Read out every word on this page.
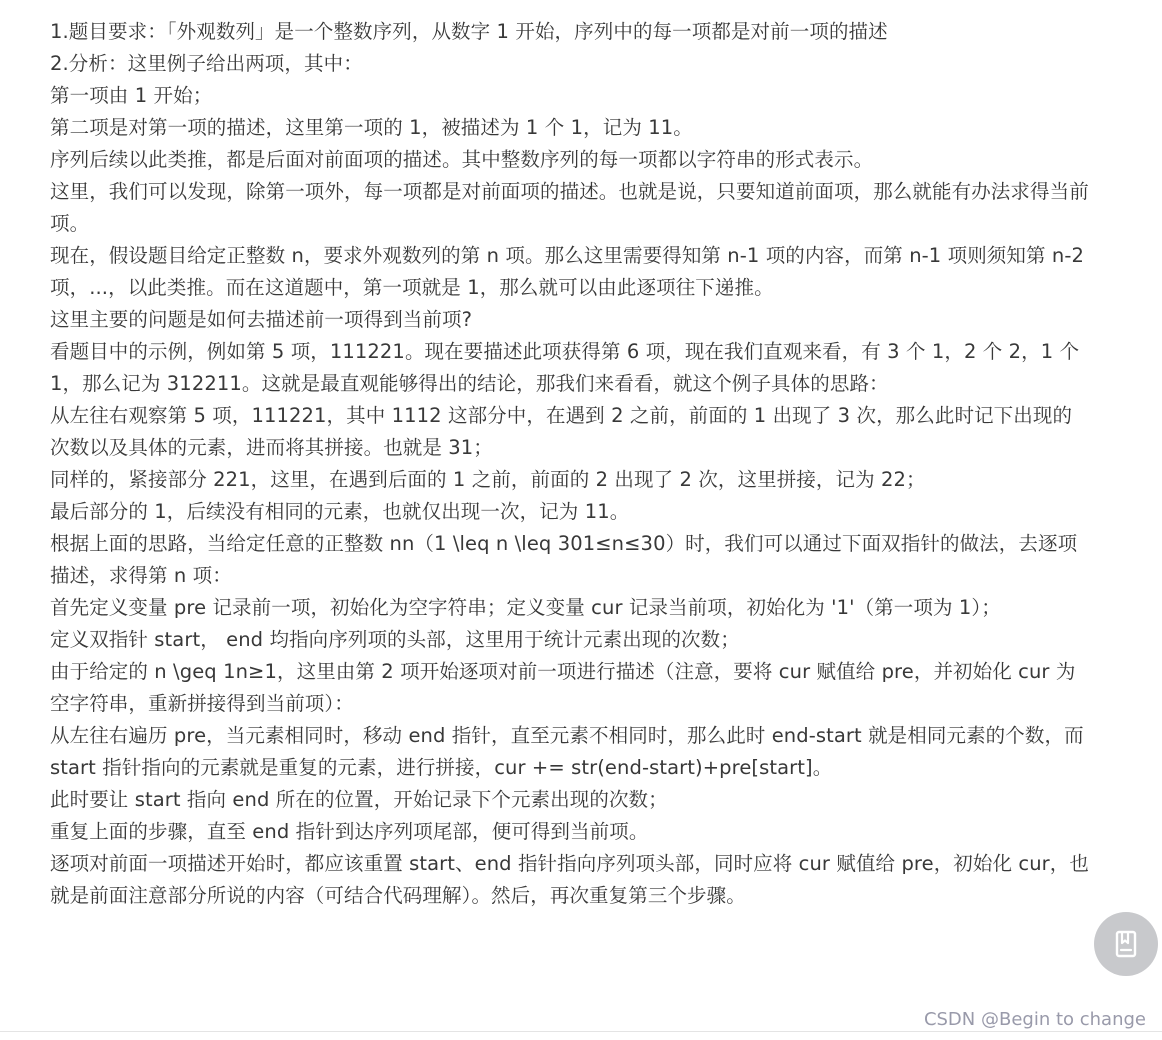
1.题目要求：「外观数列」是一个整数序列，从数字 1 开始，序列中的每一项都是对前一项的描述

2.分析：这里例子给出两项，其中：

第一项由 1 开始；

第二项是对第一项的描述，这里第一项的 1，被描述为 1 个 1，记为 11。

序列后续以此类推，都是后面对前面项的描述。其中整数序列的每一项都以字符串的形式表示。

这里，我们可以发现，除第一项外，每一项都是对前面项的描述。也就是说，只要知道前面项，那么就能有办法求得当前项。

现在，假设题目给定正整数 n，要求外观数列的第 n 项。那么这里需要得知第 n-1 项的内容，而第 n-1 项则须知第 n-2 项，...，以此类推。而在这道题中，第一项就是 1，那么就可以由此逐项往下递推。

这里主要的问题是如何去描述前一项得到当前项?

看题目中的示例，例如第 5 项，111221。现在要描述此项获得第 6 项，现在我们直观来看，有 3 个 1，2 个 2，1 个 1，那么记为 312211。这就是最直观能够得出的结论，那我们来看看，就这个例子具体的思路：

从左往右观察第 5 项，111221，其中 1112 这部分中，在遇到 2 之前，前面的 1 出现了 3 次，那么此时记下出现的次数以及具体的元素，进而将其拼接。也就是 31；

同样的，紧接部分 221，这里，在遇到后面的 1 之前，前面的 2 出现了 2 次，这里拼接，记为 22；

最后部分的 1，后续没有相同的元素，也就仅出现一次，记为 11。

根据上面的思路，当给定任意的正整数 nn（1 \leq n \leq 301≤n≤30）时，我们可以通过下面双指针的做法，去逐项描述，求得第 n 项：

首先定义变量 pre 记录前一项，初始化为空字符串；定义变量 cur 记录当前项，初始化为 '1'（第一项为 1）；

定义双指针 start， end 均指向序列项的头部，这里用于统计元素出现的次数；

由于给定的 n \geq 1n≥1，这里由第 2 项开始逐项对前一项进行描述（注意，要将 cur 赋值给 pre，并初始化 cur 为空字符串，重新拼接得到当前项）：

从左往右遍历 pre，当元素相同时，移动 end 指针，直至元素不相同时，那么此时 end-start 就是相同元素的个数，而 start 指针指向的元素就是重复的元素，进行拼接，cur += str(end-start)+pre[start]。

此时要让 start 指向 end 所在的位置，开始记录下个元素出现的次数；

重复上面的步骤，直至 end 指针到达序列项尾部，便可得到当前项。

逐项对前面一项描述开始时，都应该重置 start、end 指针指向序列项头部，同时应将 cur 赋值给 pre，初始化 cur，也就是前面注意部分所说的内容（可结合代码理解）。然后，再次重复第三个步骤。

CSDN @Begin to change
